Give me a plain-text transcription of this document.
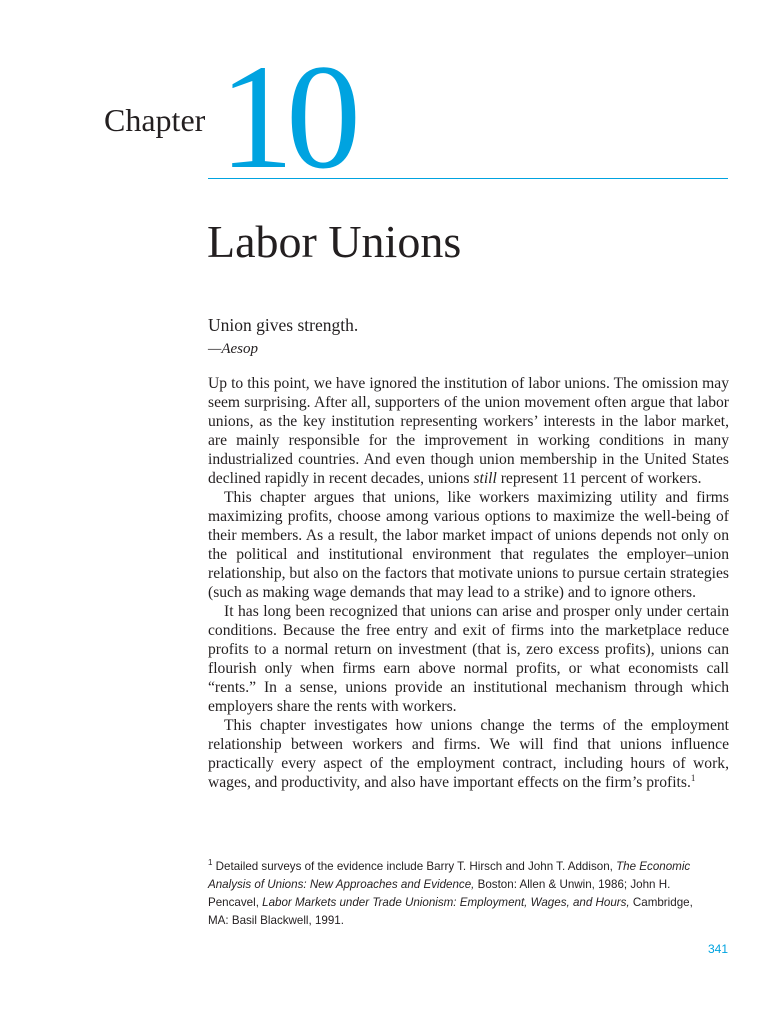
Chapter 10
Labor Unions
Union gives strength.
—Aesop

Up to this point, we have ignored the institution of labor unions. The omission may seem surprising. After all, supporters of the union movement often argue that labor unions, as the key institution representing workers’ interests in the labor market, are mainly responsible for the improvement in working conditions in many industrialized countries. And even though union membership in the United States declined rapidly in recent decades, unions still represent 11 percent of workers.

This chapter argues that unions, like workers maximizing utility and firms maximizing profits, choose among various options to maximize the well-being of their members. As a result, the labor market impact of unions depends not only on the political and institutional environment that regulates the employer–union relationship, but also on the factors that motivate unions to pursue certain strategies (such as making wage demands that may lead to a strike) and to ignore others.

It has long been recognized that unions can arise and prosper only under certain conditions. Because the free entry and exit of firms into the marketplace reduce profits to a normal return on investment (that is, zero excess profits), unions can flourish only when firms earn above normal profits, or what economists call “rents.” In a sense, unions provide an institutional mechanism through which employers share the rents with workers.

This chapter investigates how unions change the terms of the employment relationship between workers and firms. We will find that unions influence practically every aspect of the employment contract, including hours of work, wages, and productivity, and also have important effects on the firm’s profits.$^1$

$^1$ Detailed surveys of the evidence include Barry T. Hirsch and John T. Addison, The Economic Analysis of Unions: New Approaches and Evidence, Boston: Allen & Unwin, 1986; John H. Pencavel, Labor Markets under Trade Unionism: Employment, Wages, and Hours, Cambridge, MA: Basil Blackwell, 1991.
341
